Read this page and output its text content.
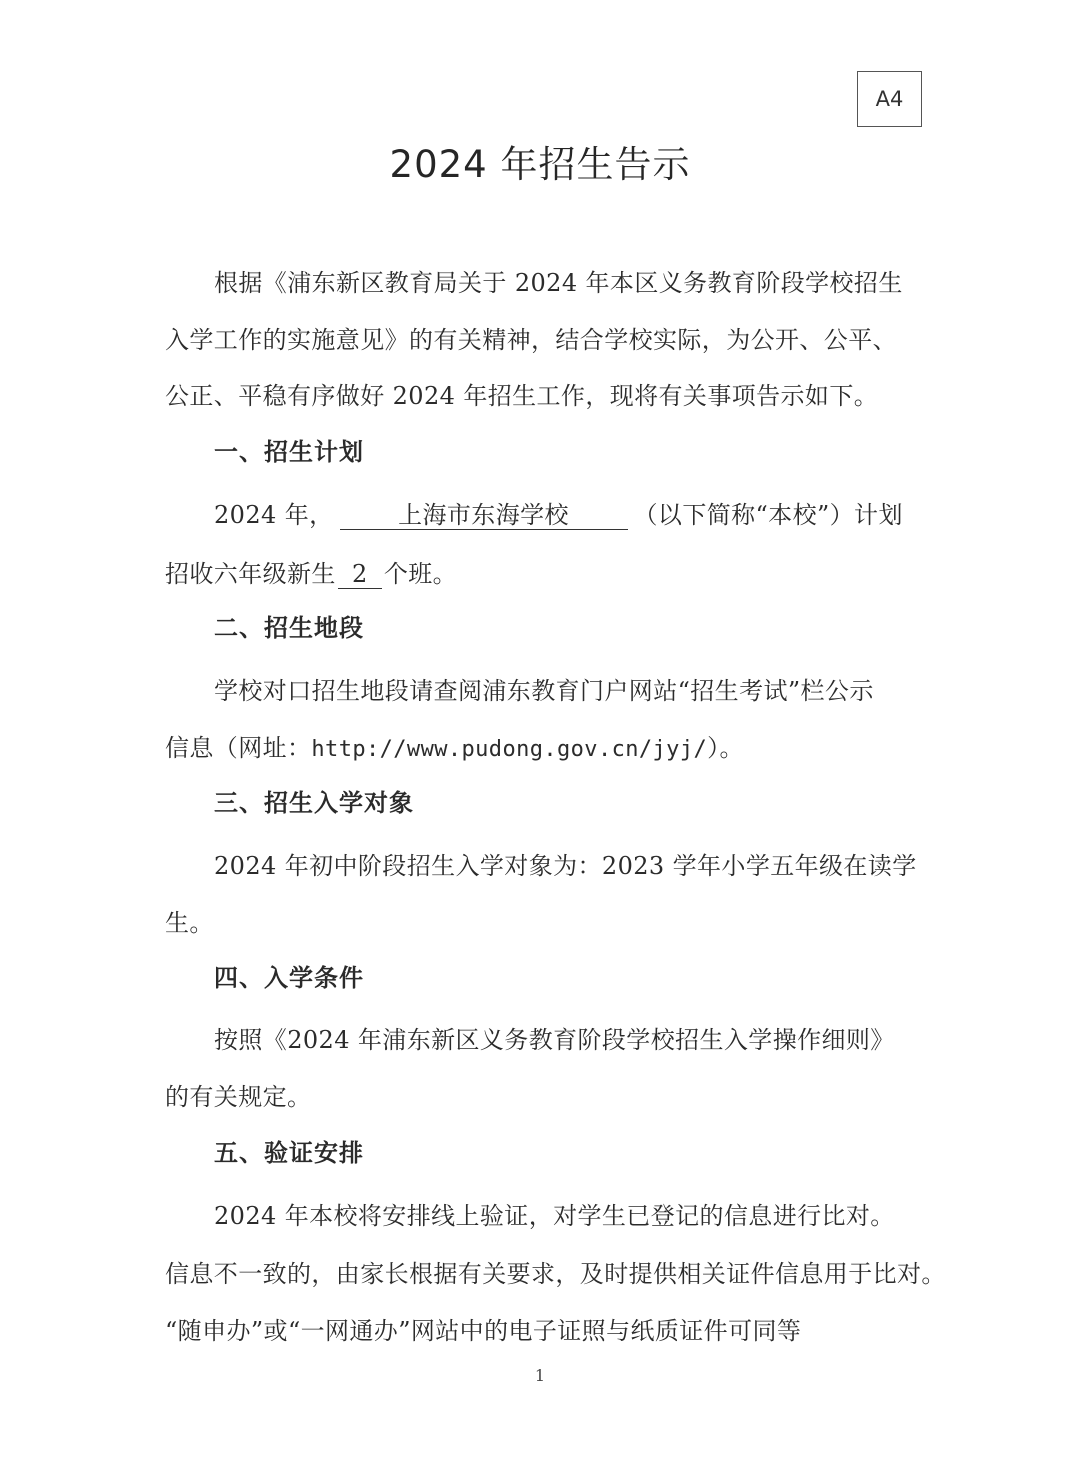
A4
2024 年招生告示
根据《浦东新区教育局关于 2024 年本区义务教育阶段学校招生
入学工作的实施意见》的有关精神，结合学校实际，为公开、公平、
公正、平稳有序做好 2024 年招生工作，现将有关事项告示如下。
一、招生计划
2024 年，	上海市东海学校	（以下简称“本校”）计划
招收六年级新生 2 个班。
二、招生地段
学校对口招生地段请查阅浦东教育门户网站“招生考试”栏公示
信息（网址：http://www.pudong.gov.cn/jyj/）。
三、招生入学对象
2024 年初中阶段招生入学对象为：2023 学年小学五年级在读学
生。
四、入学条件
按照《2024 年浦东新区义务教育阶段学校招生入学操作细则》
的有关规定。
五、验证安排
2024 年本校将安排线上验证，对学生已登记的信息进行比对。
信息不一致的，由家长根据有关要求，及时提供相关证件信息用于比对。
“随申办”或“一网通办”网站中的电子证照与纸质证件可同等
1
